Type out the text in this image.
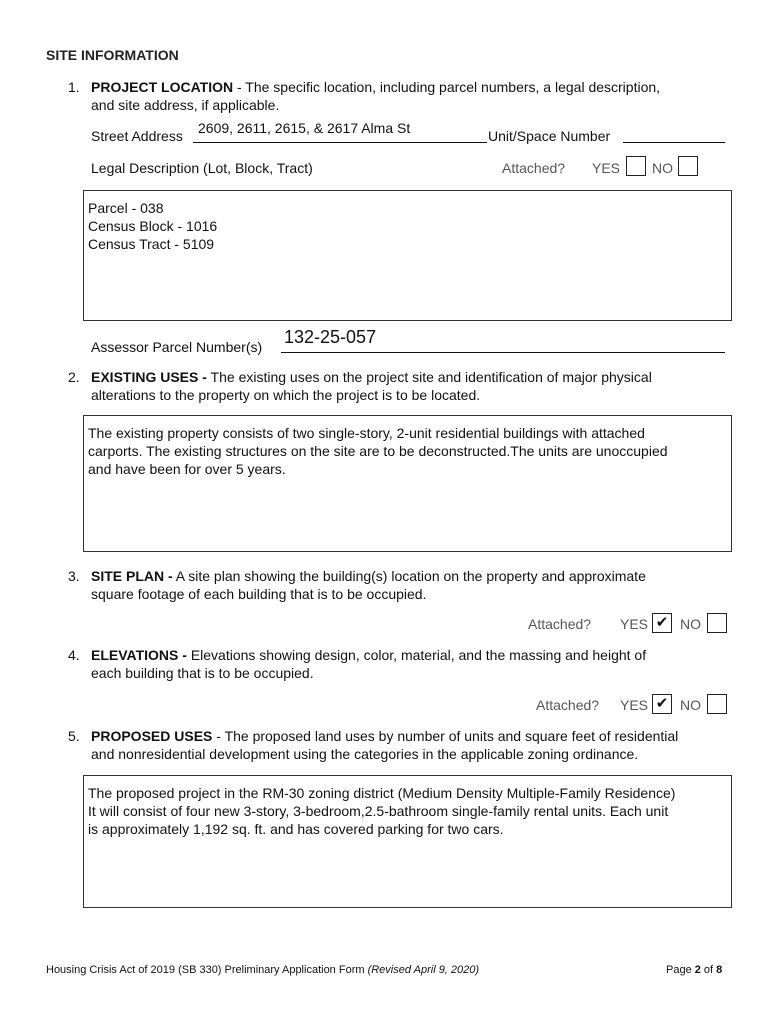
SITE INFORMATION
1. PROJECT LOCATION - The specific location, including parcel numbers, a legal description,
and site address, if applicable.
Street Address 2609, 2611, 2615, & 2617 Alma St	Unit/Space Number
Legal Description (Lot, Block, Tract)	Attached? YES NO
Parcel - 038
Census Block - 1016
Census Tract - 5109
Assessor Parcel Number(s) 132-25-057
2. EXISTING USES - The existing uses on the project site and identification of major physical
alterations to the property on which the project is to be located.
The existing property consists of two single-story, 2-unit residential buildings with attached
carports. The existing structures on the site are to be deconstructed.The units are unoccupied
and have been for over 5 years.
3. SITE PLAN - A site plan showing the building(s) location on the property and approximate
square footage of each building that is to be occupied.
Attached? YES ✔ NO
4. ELEVATIONS - Elevations showing design, color, material, and the massing and height of
each building that is to be occupied.
Attached? YES ✔ NO
5. PROPOSED USES - The proposed land uses by number of units and square feet of residential
and nonresidential development using the categories in the applicable zoning ordinance.
The proposed project in the RM-30 zoning district (Medium Density Multiple-Family Residence)
It will consist of four new 3-story, 3-bedroom,2.5-bathroom single-family rental units. Each unit
is approximately 1,192 sq. ft. and has covered parking for two cars.
Housing Crisis Act of 2019 (SB 330) Preliminary Application Form (Revised April 9, 2020)	Page 2 of 8
